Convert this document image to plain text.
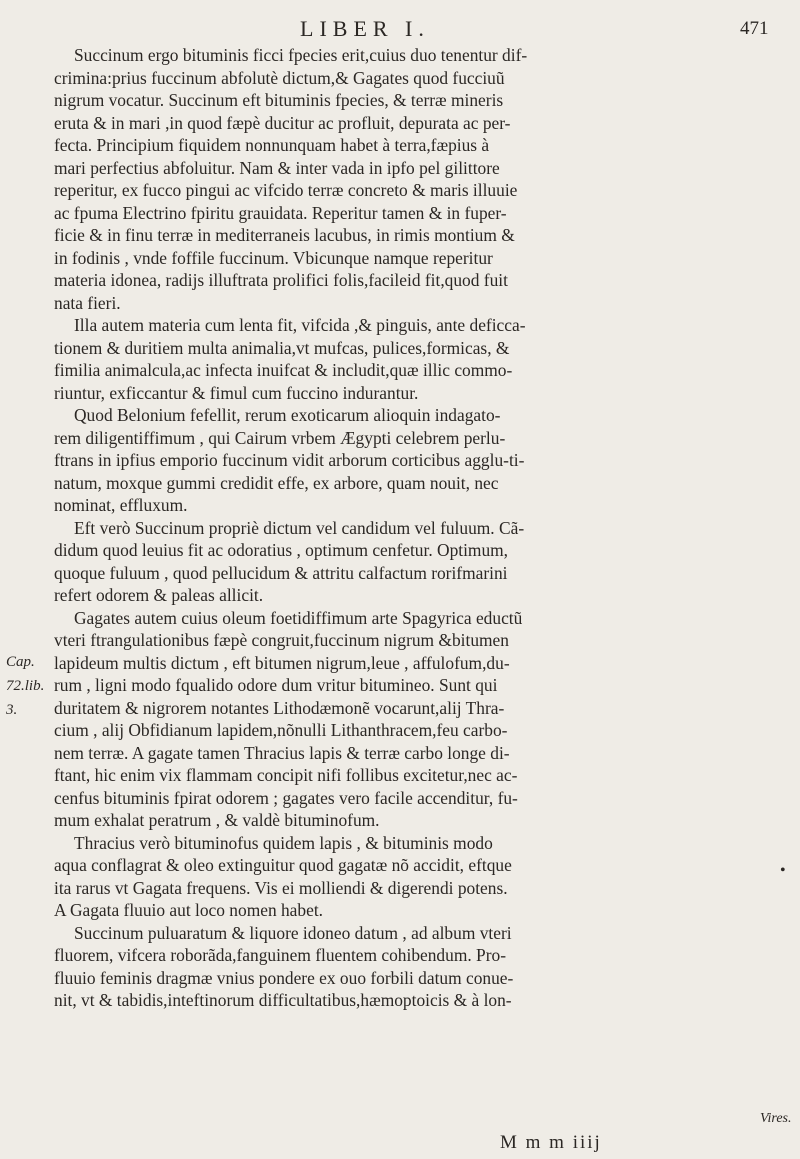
LIBER I.	471
Cap.
72.lib.
3.
•
Succinum ergo bituminis ficci fpecies erit,cuius duo tenentur dif-
crimina:prius fuccinum abfolutè dictum,& Gagates quod fucciuũ
nigrum vocatur. Succinum eft bituminis fpecies, & terræ mineris
eruta & in mari ,in quod fæpè ducitur ac profluit, depurata ac per-
fecta. Principium fiquidem nonnunquam habet à terra,fæpius à
mari perfectius abfoluitur. Nam & inter vada in ipfo pel gilittore
reperitur, ex fucco pingui ac vifcido terræ concreto & maris illuuie
ac fpuma Electrino fpiritu grauidata. Reperitur tamen & in fuper-
ficie & in finu terræ in mediterraneis lacubus, in rimis montium &
in fodinis , vnde foffile fuccinum. Vbicunque namque reperitur
materia idonea, radijs illuftrata prolifici folis,facileid fit,quod fuit
nata fieri.
Illa autem materia cum lenta fit, vifcida ,& pinguis, ante deficca-
tionem & duritiem multa animalia,vt mufcas, pulices,formicas, &
fimilia animalcula,ac infecta inuifcat & includit,quæ illic commo-
riuntur, exficcantur & fimul cum fuccino indurantur.
Quod Belonium fefellit, rerum exoticarum alioquin indagato-
rem diligentiffimum , qui Cairum vrbem Ægypti celebrem perlu-
ftrans in ipfius emporio fuccinum vidit arborum corticibus agglu-ti-
natum, moxque gummi credidit effe, ex arbore, quam nouit, nec
nominat, effluxum.
Eft verò Succinum propriè dictum vel candidum vel fuluum. Cã-
didum quod leuius fit ac odoratius , optimum cenfetur. Optimum,
quoque fuluum , quod pellucidum & attritu calfactum rorifmarini
refert odorem & paleas allicit.
Gagates autem cuius oleum foetidiffimum arte Spagyrica eductũ
vteri ftrangulationibus fæpè congruit,fuccinum nigrum &bitumen
lapideum multis dictum , eft bitumen nigrum,leue , affulofum,du-
rum , ligni modo fqualido odore dum vritur bitumineo. Sunt qui
duritatem & nigrorem notantes Lithodæmonẽ vocarunt,alij Thra-
cium , alij Obfidianum lapidem,nõnulli Lithanthracem,feu carbo-
nem terræ. A gagate tamen Thracius lapis & terræ carbo longe di-
ftant, hic enim vix flammam concipit nifi follibus excitetur,nec ac-
cenfus bituminis fpirat odorem ; gagates vero facile accenditur, fu-
mum exhalat peratrum , & valdè bituminofum.
Thracius verò bituminofus quidem lapis , & bituminis modo
aqua conflagrat & oleo extinguitur quod gagatæ nõ accidit, eftque
ita rarus vt Gagata frequens. Vis ei molliendi & digerendi potens.
A Gagata fluuio aut loco nomen habet.
Succinum puluaratum & liquore idoneo datum , ad album vteri
fluorem, vifcera roborãda,fanguinem fluentem cohibendum. Pro-
fluuio feminis dragmæ vnius pondere ex ouo forbili datum conue-
nit, vt & tabidis,inteftinorum difficultatibus,hæmoptoicis & à lon-
Vires.
M m m iiij
